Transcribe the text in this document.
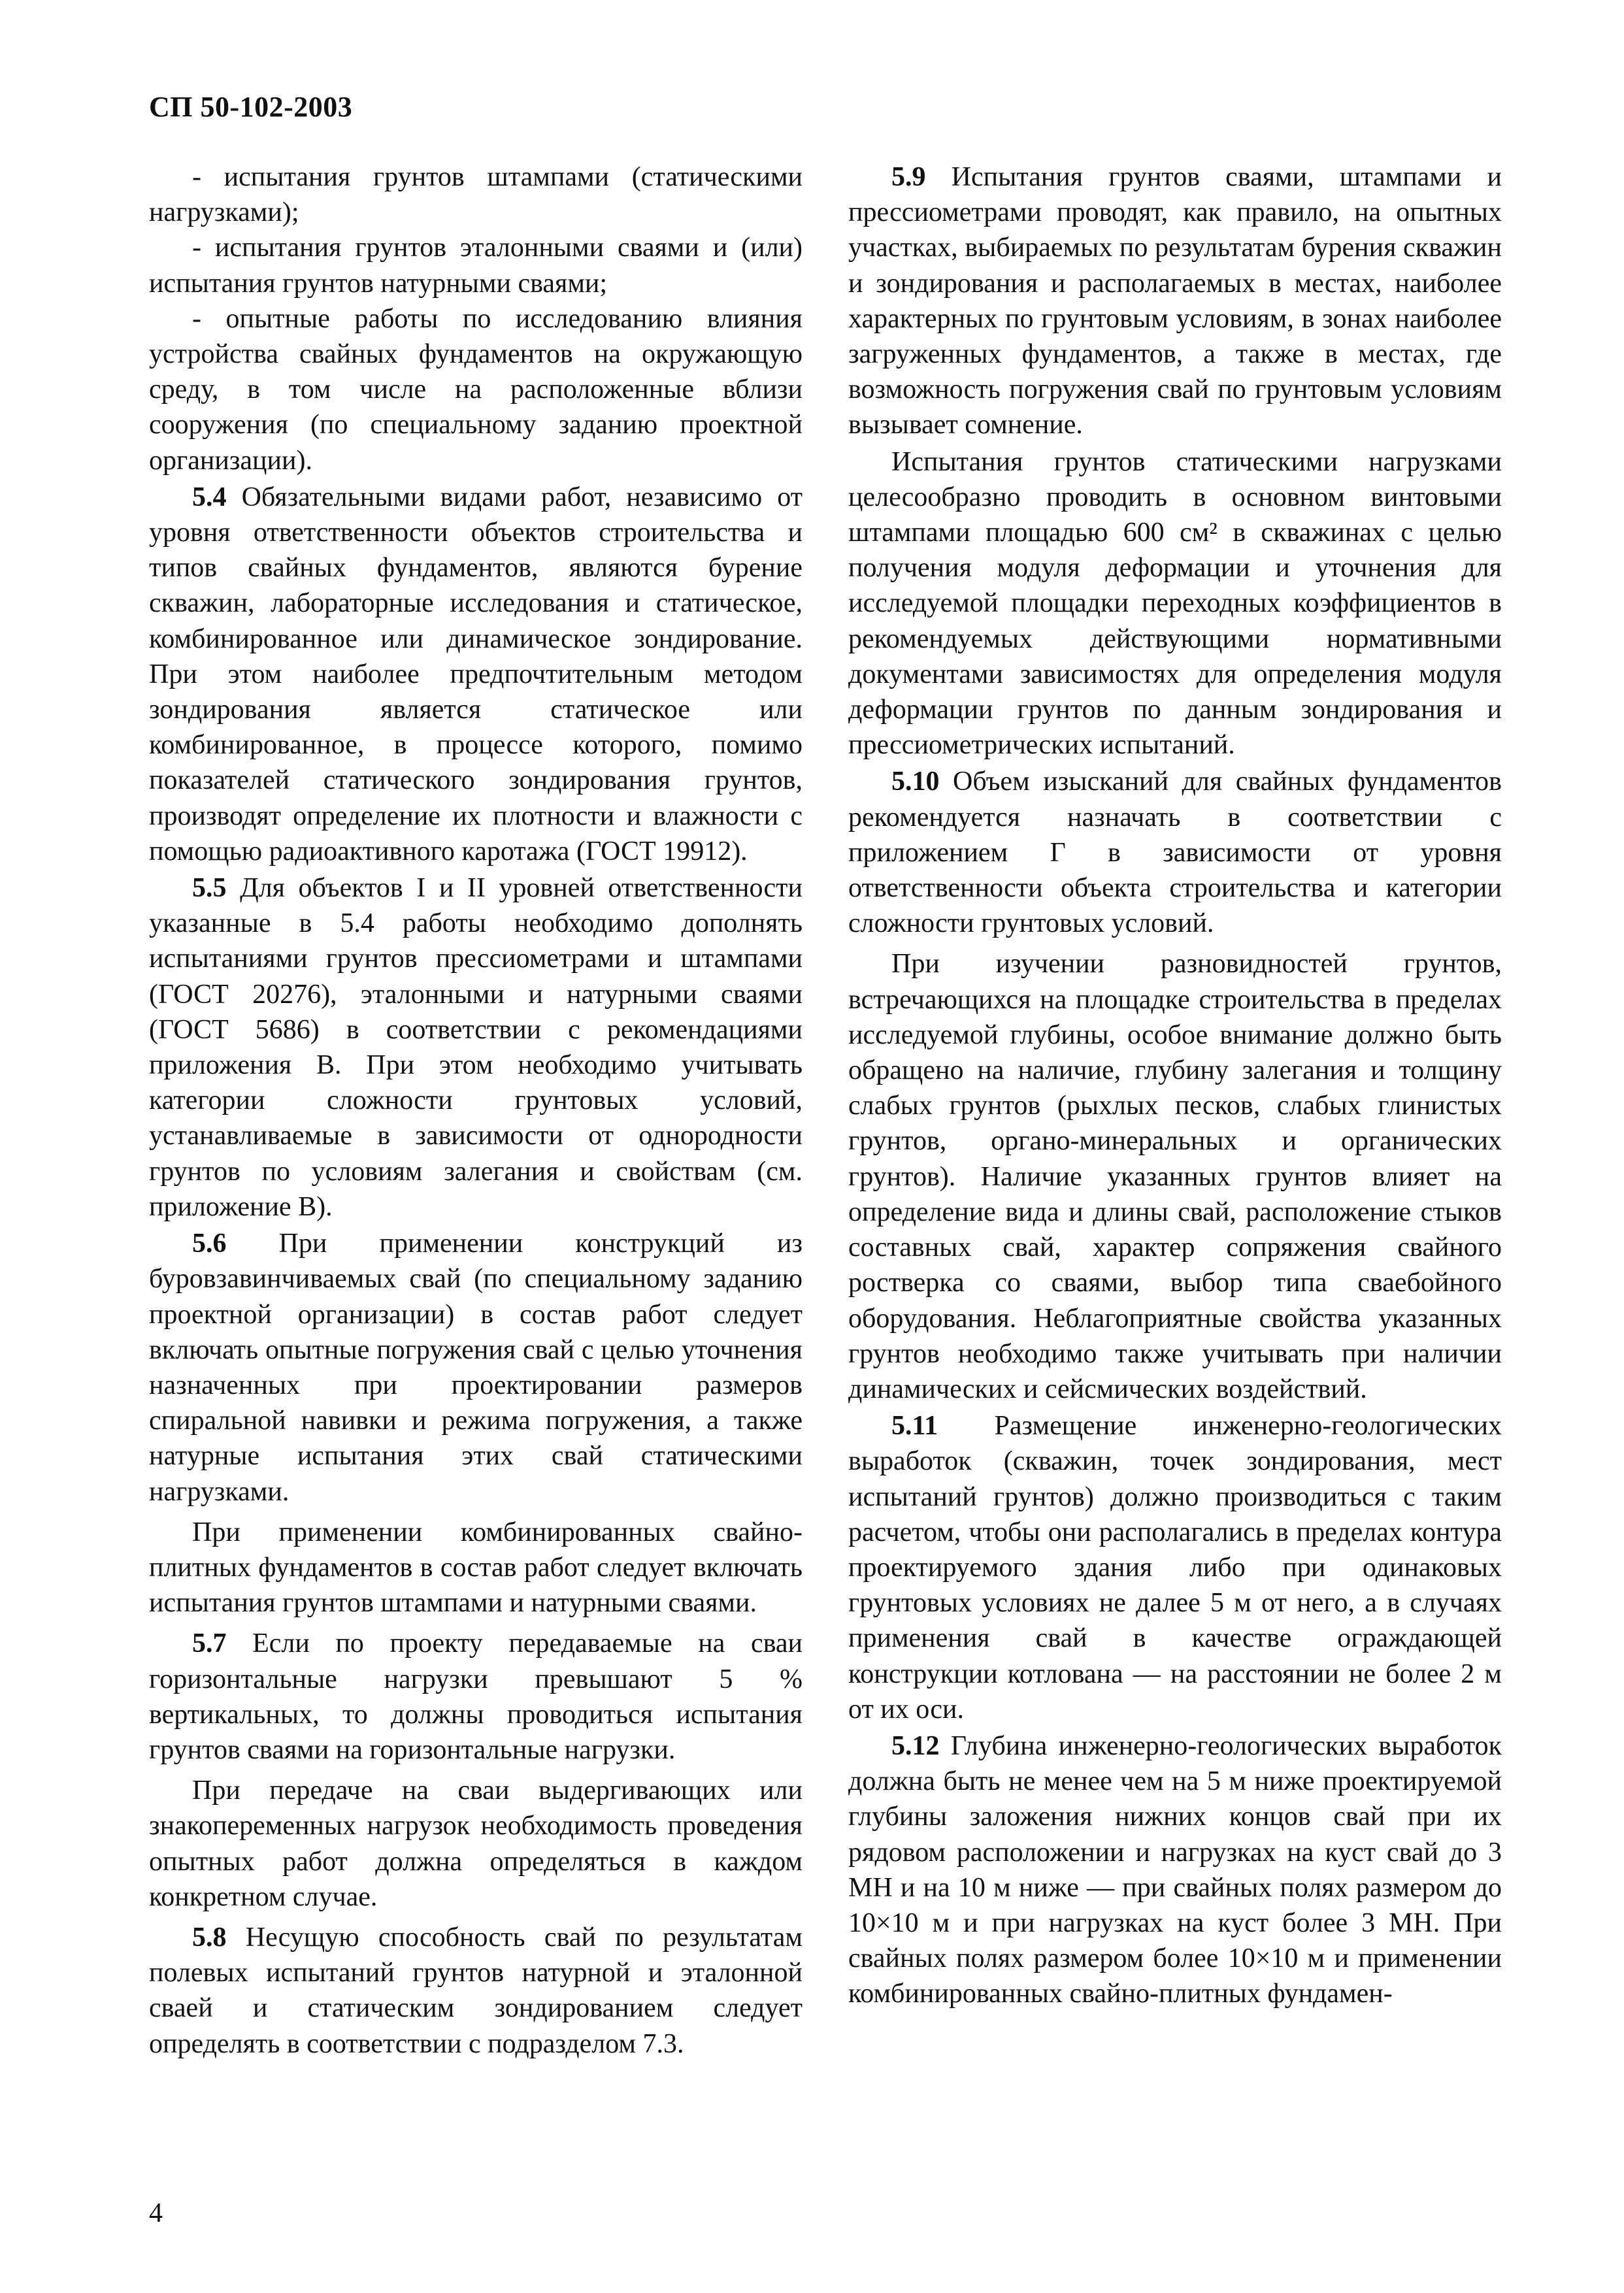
СП 50-102-2003

- испытания грунтов штампами (статическими нагрузками);

- испытания грунтов эталонными сваями и (или) испытания грунтов натурными сваями;

- опытные работы по исследованию влияния устройства свайных фундаментов на окружающую среду, в том числе на расположенные вблизи сооружения (по специальному заданию проектной организации).

5.4 Обязательными видами работ, независимо от уровня ответственности объектов строительства и типов свайных фундаментов, являются бурение скважин, лабораторные исследования и статическое, комбинированное или динамическое зондирование. При этом наиболее предпочтительным методом зондирования является статическое или комбинированное, в процессе которого, помимо показателей статического зондирования грунтов, производят определение их плотности и влажности с помощью радиоактивного каротажа (ГОСТ 19912).

5.5 Для объектов I и II уровней ответственности указанные в 5.4 работы необходимо дополнять испытаниями грунтов прессиометрами и штампами (ГОСТ 20276), эталонными и натурными сваями (ГОСТ 5686) в соответствии с рекомендациями приложения В. При этом необходимо учитывать категории сложности грунтовых условий, устанавливаемые в зависимости от однородности грунтов по условиям залегания и свойствам (см. приложение В).

5.6 При применении конструкций из буровзавинчиваемых свай (по специальному заданию проектной организации) в состав работ следует включать опытные погружения свай с целью уточнения назначенных при проектировании размеров спиральной навивки и режима погружения, а также натурные испытания этих свай статическими нагрузками.

При применении комбинированных свайно-плитных фундаментов в состав работ следует включать испытания грунтов штампами и натурными сваями.

5.7 Если по проекту передаваемые на сваи горизонтальные нагрузки превышают 5 % вертикальных, то должны проводиться испытания грунтов сваями на горизонтальные нагрузки.

При передаче на сваи выдергивающих или знакопеременных нагрузок необходимость проведения опытных работ должна определяться в каждом конкретном случае.

5.8 Несущую способность свай по результатам полевых испытаний грунтов натурной и эталонной сваей и статическим зондированием следует определять в соответствии с подразделом 7.3.

5.9 Испытания грунтов сваями, штампами и прессиометрами проводят, как правило, на опытных участках, выбираемых по результатам бурения скважин и зондирования и располагаемых в местах, наиболее характерных по грунтовым условиям, в зонах наиболее загруженных фундаментов, а также в местах, где возможность погружения свай по грунтовым условиям вызывает сомнение.

Испытания грунтов статическими нагрузками целесообразно проводить в основном винтовыми штампами площадью 600 см² в скважинах с целью получения модуля деформации и уточнения для исследуемой площадки переходных коэффициентов в рекомендуемых действующими нормативными документами зависимостях для определения модуля деформации грунтов по данным зондирования и прессиометрических испытаний.

5.10 Объем изысканий для свайных фундаментов рекомендуется назначать в соответствии с приложением Г в зависимости от уровня ответственности объекта строительства и категории сложности грунтовых условий.

При изучении разновидностей грунтов, встречающихся на площадке строительства в пределах исследуемой глубины, особое внимание должно быть обращено на наличие, глубину залегания и толщину слабых грунтов (рыхлых песков, слабых глинистых грунтов, органо-минеральных и органических грунтов). Наличие указанных грунтов влияет на определение вида и длины свай, расположение стыков составных свай, характер сопряжения свайного ростверка со сваями, выбор типа сваебойного оборудования. Неблагоприятные свойства указанных грунтов необходимо также учитывать при наличии динамических и сейсмических воздействий.

5.11 Размещение инженерно-геологических выработок (скважин, точек зондирования, мест испытаний грунтов) должно производиться с таким расчетом, чтобы они располагались в пределах контура проектируемого здания либо при одинаковых грунтовых условиях не далее 5 м от него, а в случаях применения свай в качестве ограждающей конструкции котлована — на расстоянии не более 2 м от их оси.

5.12 Глубина инженерно-геологических выработок должна быть не менее чем на 5 м ниже проектируемой глубины заложения нижних концов свай при их рядовом расположении и нагрузках на куст свай до 3 МН и на 10 м ниже — при свайных полях размером до 10×10 м и при нагрузках на куст более 3 МН. При свайных полях размером более 10×10 м и применении комбинированных свайно-плитных фундамен-

4
